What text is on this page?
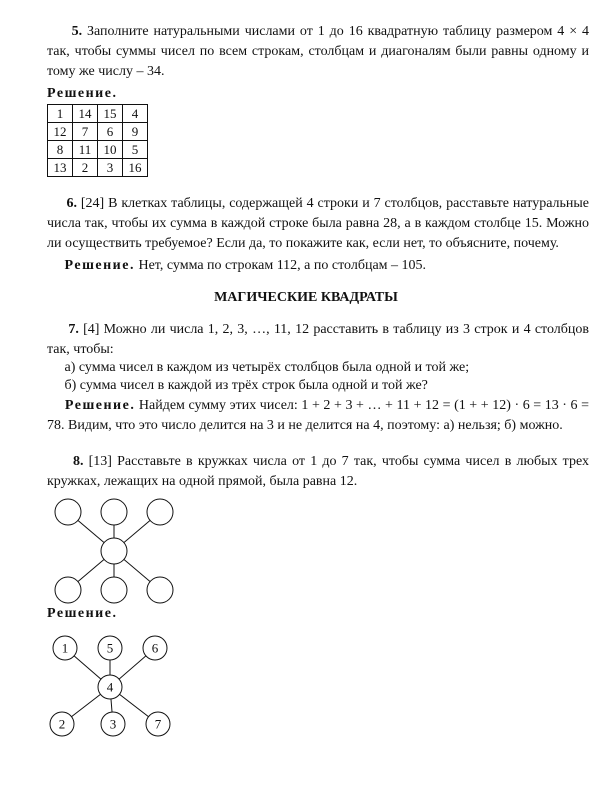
5. Заполните натуральными числами от 1 до 16 квадратную таблицу размером 4 × 4 так, чтобы суммы чисел по всем строкам, столбцам и диагоналям были равны одному и тому же числу – 34.

Решение.

1	14	15	4
12	7	6	9
8	11	10	5
13	2	3	16

6. [24] В клетках таблицы, содержащей 4 строки и 7 столбцов, расставьте натуральные числа так, чтобы их сумма в каждой строке была равна 28, а в каждом столбце 15. Можно ли осуществить требуемое? Если да, то покажите как, если нет, то объясните, почему.

Решение. Нет, сумма по строкам 112, а по столбцам – 105.

МАГИЧЕСКИЕ КВАДРАТЫ

7. [4] Можно ли числа 1, 2, 3, …, 11, 12 расставить в таблицу из 3 строк и 4 столбцов так, чтобы:

а) сумма чисел в каждом из четырёх столбцов была одной и той же;

б) сумма чисел в каждой из трёх строк была одной и той же?

Решение. Найдем сумму этих чисел: 1 + 2 + 3 + … + 11 + 12 = (1 + + 12) · 6 = 13 · 6 = 78. Видим, что это число делится на 3 и не делится на 4, поэтому: а) нельзя; б) можно.

8. [13] Расставьте в кружках числа от 1 до 7 так, чтобы сумма чисел в любых трех кружках, лежащих на одной прямой, была равна 12.

Решение.

1	5	6
4
2	3	7
